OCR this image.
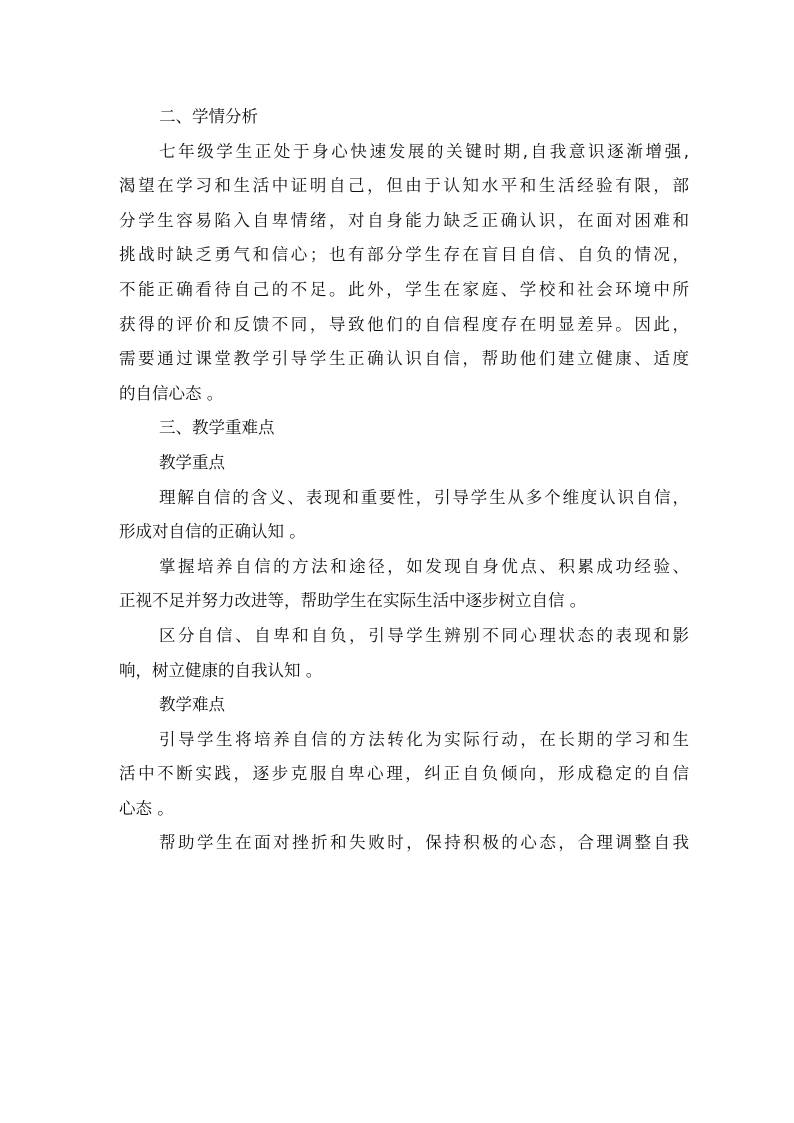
二、学情分析
七年级学生正处于身心快速发展的关键时期,自我意识逐渐增强,
渴望在学习和生活中证明自己，但由于认知水平和生活经验有限，部
分学生容易陷入自卑情绪，对自身能力缺乏正确认识，在面对困难和
挑战时缺乏勇气和信心；也有部分学生存在盲目自信、自负的情况，
不能正确看待自己的不足。此外，学生在家庭、学校和社会环境中所
获得的评价和反馈不同，导致他们的自信程度存在明显差异。因此，
需要通过课堂教学引导学生正确认识自信，帮助他们建立健康、适度
的自信心态 。
三、教学重难点
教学重点
理解自信的含义、表现和重要性，引导学生从多个维度认识自信，
形成对自信的正确认知 。
掌握培养自信的方法和途径，如发现自身优点、积累成功经验、
正视不足并努力改进等，帮助学生在实际生活中逐步树立自信 。
区分自信、自卑和自负，引导学生辨别不同心理状态的表现和影
响，树立健康的自我认知 。
教学难点
引导学生将培养自信的方法转化为实际行动，在长期的学习和生
活中不断实践，逐步克服自卑心理，纠正自负倾向，形成稳定的自信
心态 。
帮助学生在面对挫折和失败时，保持积极的心态，合理调整自我
